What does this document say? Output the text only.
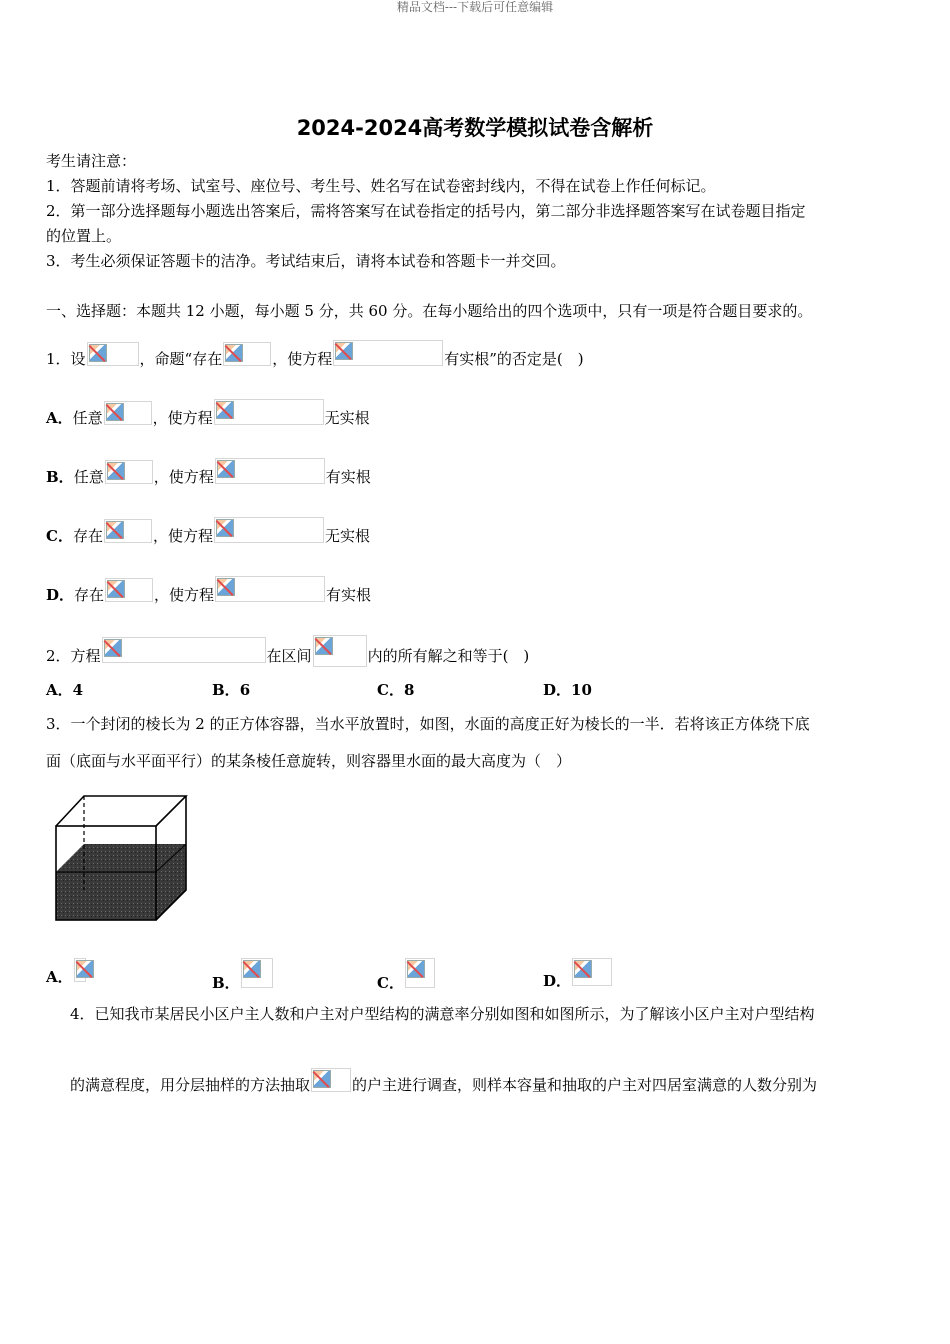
精品文档---下载后可任意编辑
2024-2024高考数学模拟试卷含解析
考生请注意：
1．答题前请将考场、试室号、座位号、考生号、姓名写在试卷密封线内，不得在试卷上作任何标记。
2．第一部分选择题每小题选出答案后，需将答案写在试卷指定的括号内，第二部分非选择题答案写在试卷题目指定
的位置上。
3．考生必须保证答题卡的洁净。考试结束后，请将本试卷和答题卡一并交回。
一、选择题：本题共 12 小题，每小题 5 分，共 60 分。在每小题给出的四个选项中，只有一项是符合题目要求的。
1．设	，命题“存在	，使方程	有实根”的否定是(　)
A．任意	，使方程	无实根
B．任意	，使方程	有实根
C．存在	，使方程	无实根
D．存在	，使方程	有实根
2．方程	在区间	内的所有解之和等于(　)
A．4	B．6	C．8	D．10
3．一个封闭的棱长为 2 的正方体容器，当水平放置时，如图，水面的高度正好为棱长的一半．若将该正方体绕下底
面（底面与水平面平行）的某条棱任意旋转，则容器里水面的最大高度为（　）
A．	B．	C．	D．
4．已知我市某居民小区户主人数和户主对户型结构的满意率分别如图和如图所示，为了解该小区户主对户型结构
的满意程度，用分层抽样的方法抽取	的户主进行调查，则样本容量和抽取的户主对四居室满意的人数分别为
